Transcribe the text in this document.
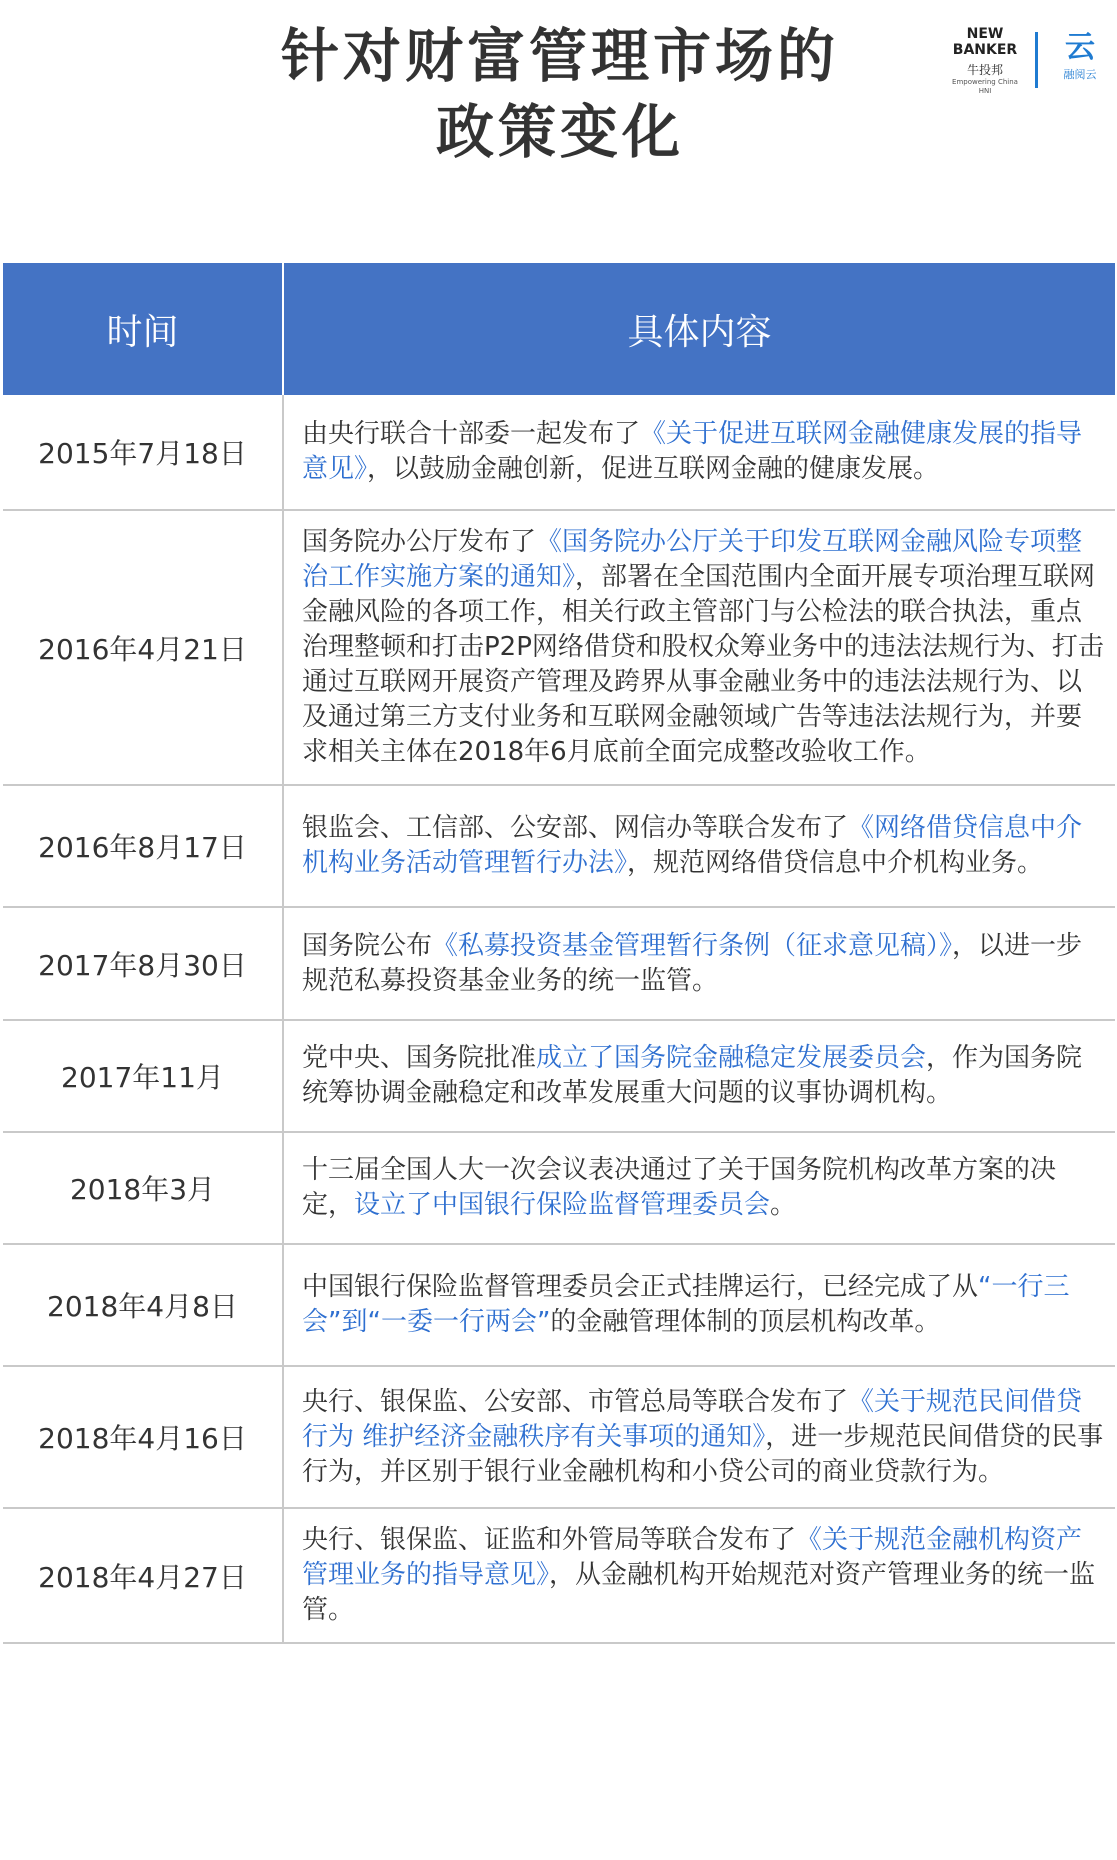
针对财富管理市场的
政策变化
NEW BANKER
牛投邦
Empowering China HNI
云
融阅云
时间	具体内容
2015年7月18日	由央行联合十部委一起发布了《关于促进互联网金融健康发展的指导意见》，以鼓励金融创新，促进互联网金融的健康发展。
2016年4月21日	国务院办公厅发布了《国务院办公厅关于印发互联网金融风险专项整治工作实施方案的通知》，部署在全国范围内全面开展专项治理互联网金融风险的各项工作，相关行政主管部门与公检法的联合执法，重点治理整顿和打击P2P网络借贷和股权众筹业务中的违法法规行为、打击通过互联网开展资产管理及跨界从事金融业务中的违法法规行为、以及通过第三方支付业务和互联网金融领域广告等违法法规行为，并要求相关主体在2018年6月底前全面完成整改验收工作。
2016年8月17日	银监会、工信部、公安部、网信办等联合发布了《网络借贷信息中介机构业务活动管理暂行办法》，规范网络借贷信息中介机构业务。
2017年8月30日	国务院公布《私募投资基金管理暂行条例（征求意见稿）》，以进一步规范私募投资基金业务的统一监管。
2017年11月	党中央、国务院批准成立了国务院金融稳定发展委员会，作为国务院统筹协调金融稳定和改革发展重大问题的议事协调机构。
2018年3月	十三届全国人大一次会议表决通过了关于国务院机构改革方案的决定，设立了中国银行保险监督管理委员会。
2018年4月8日	中国银行保险监督管理委员会正式挂牌运行，已经完成了从“一行三会”到“一委一行两会”的金融管理体制的顶层机构改革。
2018年4月16日	央行、银保监、公安部、市管总局等联合发布了《关于规范民间借贷行为 维护经济金融秩序有关事项的通知》，进一步规范民间借贷的民事行为，并区别于银行业金融机构和小贷公司的商业贷款行为。
2018年4月27日	央行、银保监、证监和外管局等联合发布了《关于规范金融机构资产管理业务的指导意见》，从金融机构开始规范对资产管理业务的统一监管。
